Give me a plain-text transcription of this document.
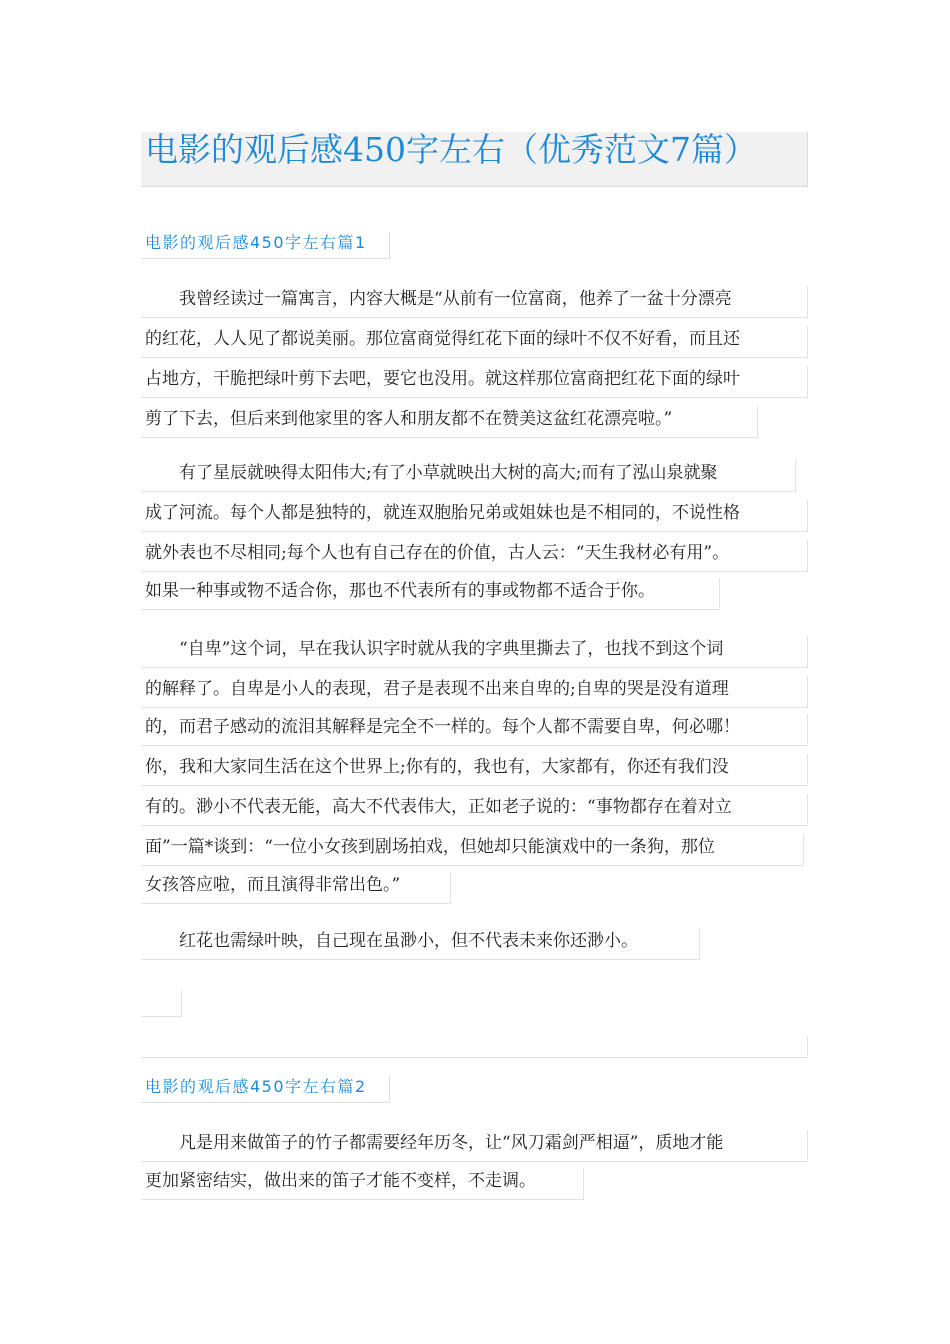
电影的观后感450字左右（优秀范文7篇）
电影的观后感450字左右篇1
　　我曾经读过一篇寓言，内容大概是“从前有一位富商，他养了一盆十分漂亮
的红花，人人见了都说美丽。那位富商觉得红花下面的绿叶不仅不好看，而且还
占地方，干脆把绿叶剪下去吧，要它也没用。就这样那位富商把红花下面的绿叶
剪了下去，但后来到他家里的客人和朋友都不在赞美这盆红花漂亮啦。”
　　有了星辰就映得太阳伟大;有了小草就映出大树的高大;而有了泓山泉就聚
成了河流。每个人都是独特的，就连双胞胎兄弟或姐妹也是不相同的，不说性格
就外表也不尽相同;每个人也有自己存在的价值，古人云：“天生我材必有用”。
如果一种事或物不适合你，那也不代表所有的事或物都不适合于你。
　　“自卑”这个词，早在我认识字时就从我的字典里撕去了，也找不到这个词
的解释了。自卑是小人的表现，君子是表现不出来自卑的;自卑的哭是没有道理
的，而君子感动的流泪其解释是完全不一样的。每个人都不需要自卑，何必哪！
你，我和大家同生活在这个世界上;你有的，我也有，大家都有，你还有我们没
有的。渺小不代表无能，高大不代表伟大，正如老子说的：“事物都存在着对立
面”一篇*谈到：“一位小女孩到剧场拍戏，但她却只能演戏中的一条狗，那位
女孩答应啦，而且演得非常出色。”
　　红花也需绿叶映，自己现在虽渺小，但不代表未来你还渺小。
电影的观后感450字左右篇2
　　凡是用来做笛子的竹子都需要经年历冬，让“风刀霜剑严相逼”，质地才能
更加紧密结实，做出来的笛子才能不变样，不走调。
